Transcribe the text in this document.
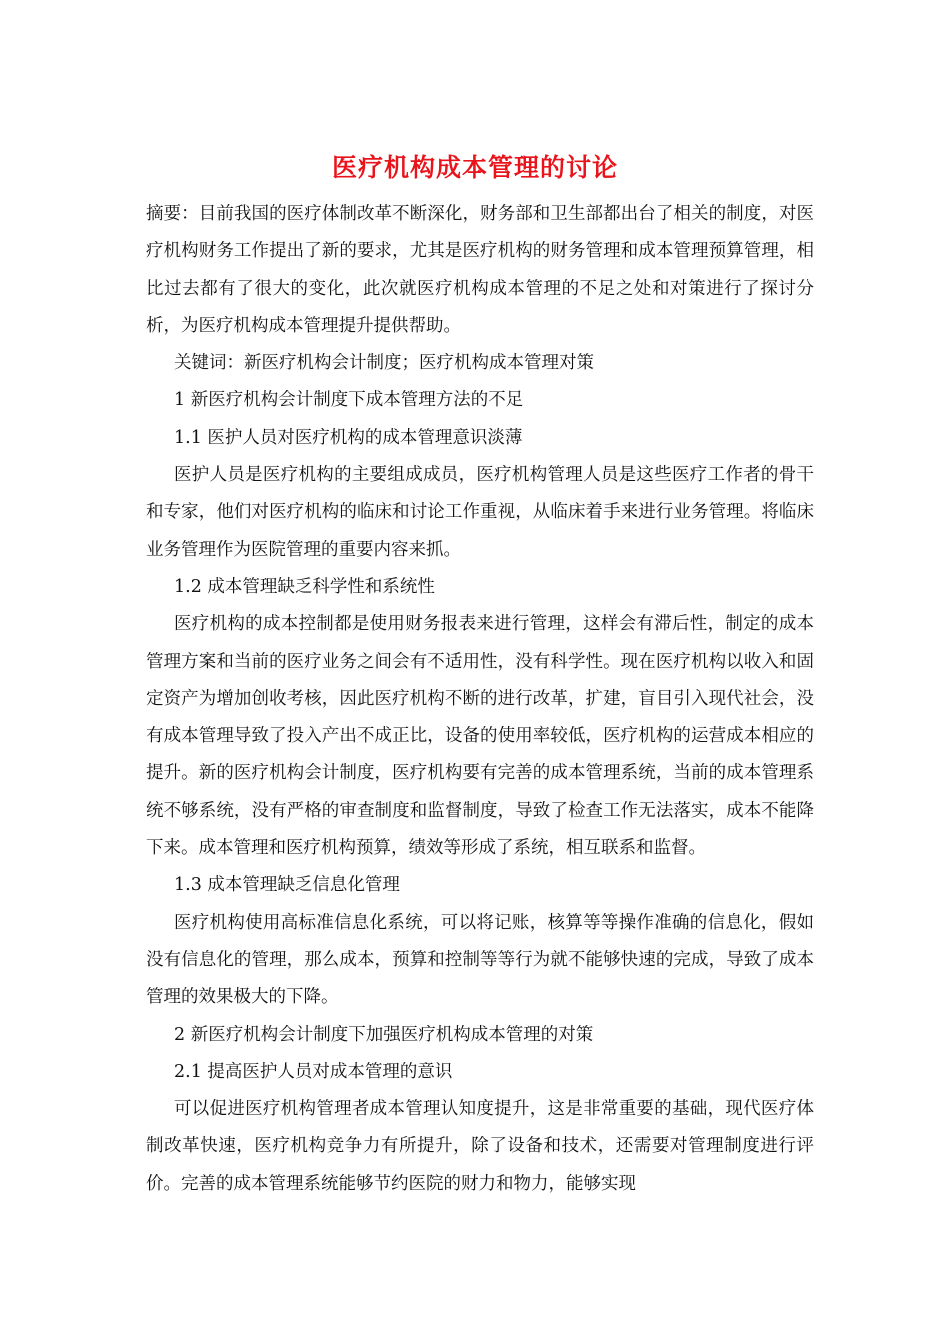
医疗机构成本管理的讨论

摘要：目前我国的医疗体制改革不断深化，财务部和卫生部都出台了相关的制度，对医疗机构财务工作提出了新的要求，尤其是医疗机构的财务管理和成本管理预算管理，相比过去都有了很大的变化，此次就医疗机构成本管理的不足之处和对策进行了探讨分析，为医疗机构成本管理提升提供帮助。

关键词：新医疗机构会计制度；医疗机构成本管理对策

1 新医疗机构会计制度下成本管理方法的不足

1.1 医护人员对医疗机构的成本管理意识淡薄

医护人员是医疗机构的主要组成成员，医疗机构管理人员是这些医疗工作者的骨干和专家，他们对医疗机构的临床和讨论工作重视，从临床着手来进行业务管理。将临床业务管理作为医院管理的重要内容来抓。

1.2 成本管理缺乏科学性和系统性

医疗机构的成本控制都是使用财务报表来进行管理，这样会有滞后性，制定的成本管理方案和当前的医疗业务之间会有不适用性，没有科学性。现在医疗机构以收入和固定资产为增加创收考核，因此医疗机构不断的进行改革，扩建，盲目引入现代社会，没有成本管理导致了投入产出不成正比，设备的使用率较低，医疗机构的运营成本相应的提升。新的医疗机构会计制度，医疗机构要有完善的成本管理系统，当前的成本管理系统不够系统，没有严格的审查制度和监督制度，导致了检查工作无法落实，成本不能降下来。成本管理和医疗机构预算，绩效等形成了系统，相互联系和监督。

1.3 成本管理缺乏信息化管理

医疗机构使用高标准信息化系统，可以将记账，核算等等操作准确的信息化，假如没有信息化的管理，那么成本，预算和控制等等行为就不能够快速的完成，导致了成本管理的效果极大的下降。

2 新医疗机构会计制度下加强医疗机构成本管理的对策

2.1 提高医护人员对成本管理的意识

可以促进医疗机构管理者成本管理认知度提升，这是非常重要的基础，现代医疗体制改革快速，医疗机构竞争力有所提升，除了设备和技术，还需要对管理制度进行评价。完善的成本管理系统能够节约医院的财力和物力，能够实现
